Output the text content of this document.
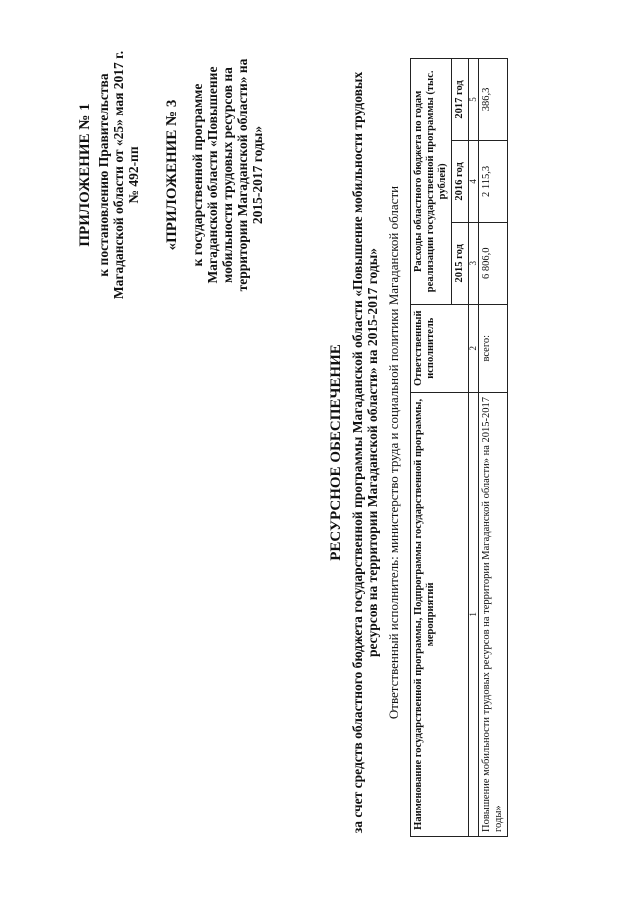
ПРИЛОЖЕНИЕ № 1 к постановлению Правительства Магаданской области от «25» мая 2017 г. № 492-пп «ПРИЛОЖЕНИЕ № 3 к государственной программе Магаданской области «Повышение мобильности трудовых ресурсов на территории Магаданской области» на 2015-2017 годы»
РЕСУРСНОЕ ОБЕСПЕЧЕНИЕ за счет средств областного бюджета государственной программы Магаданской области «Повышение мобильности трудовых ресурсов на территории Магаданской области» на 2015-2017 годы» Ответственный исполнитель: министерство труда и социальной политики Магаданской области Наименование государственной программы, Подпрограммы государственной программы, мероприятий	Ответственный исполнитель	Расходы областного бюджета по годам реализации государственной программы (тыс. рублей)		
		2015 год	2016 год	2017 год
1	2	3	4	5
Повышение мобильности трудовых ресурсов на территории Магаданской области» на 2015-2017 годы»	всего:	6 806,0	2 115,3	386,3
